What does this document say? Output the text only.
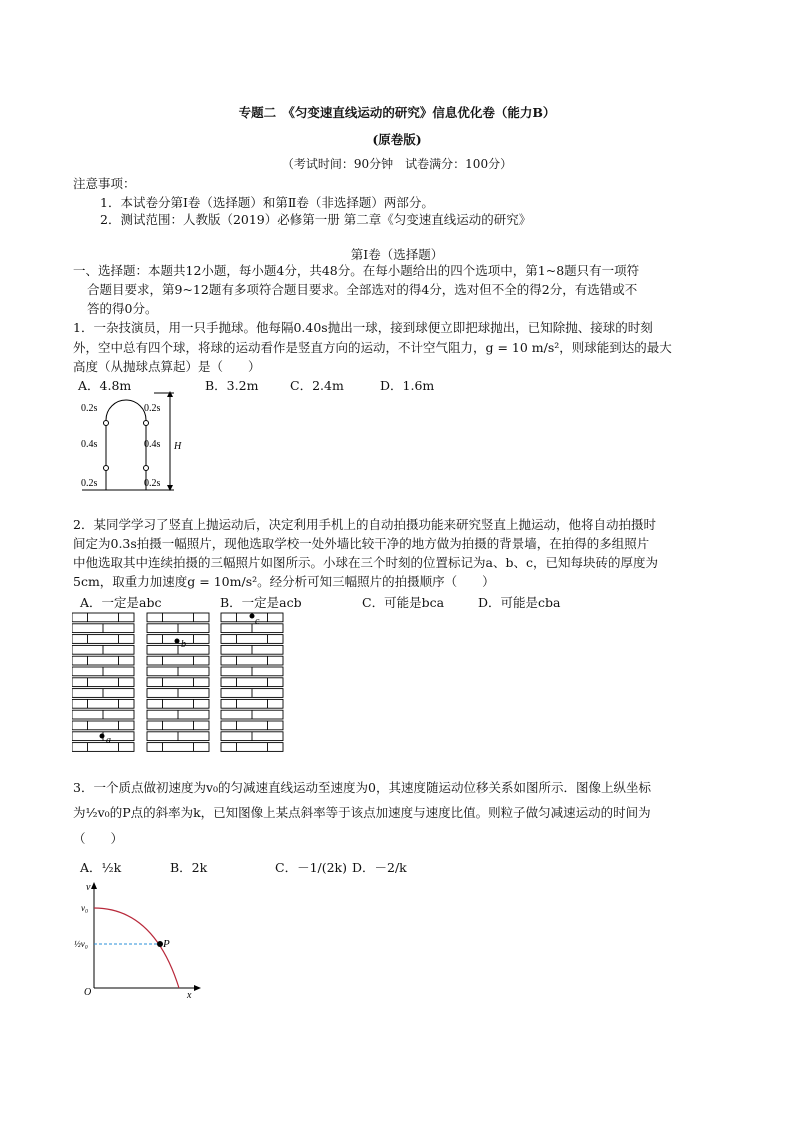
专题二　《匀变速直线运动的研究》信息优化卷（能力B）
(原卷版)
（考试时间：90分钟　试卷满分：100分）
注意事项：
1．本试卷分第Ⅰ卷（选择题）和第Ⅱ卷（非选择题）两部分。
2．测试范围：人教版（2019）必修第一册 第二章《匀变速直线运动的研究》
第Ⅰ卷（选择题）
一、选择题：本题共12小题，每小题4分，共48分。在每小题给出的四个选项中，第1~8题只有一项符
合题目要求，第9~12题有多项符合题目要求。全部选对的得4分，选对但不全的得2分，有选错或不
答的得0分。
1．一杂技演员，用一只手抛球。他每隔0.40s抛出一球，接到球便立即把球抛出，已知除抛、接球的时刻
外，空中总有四个球，将球的运动看作是竖直方向的运动，不计空气阻力，g = 10 m/s²，则球能到达的最大
高度（从抛球点算起）是（　　）
A．4.8m	B．3.2m	C．2.4m	D．1.6m
0.2s
0.4s
0.2s
0.2s
0.4s
0.2s
H
2．某同学学习了竖直上抛运动后，决定利用手机上的自动拍摄功能来研究竖直上抛运动，他将自动拍摄时
间定为0.3s拍摄一幅照片，现他选取学校一处外墙比较干净的地方做为拍摄的背景墙，在拍得的多组照片
中他选取其中连续拍摄的三幅照片如图所示。小球在三个时刻的位置标记为a、b、c，已知每块砖的厚度为
5cm，取重力加速度g = 10m/s²。经分析可知三幅照片的拍摄顺序（　　）
A．一定是abc	B．一定是acb	C．可能是bca	D．可能是cba
a
b
c
3．一个质点做初速度为v₀的匀减速直线运动至速度为0，其速度随运动位移关系如图所示．图像上纵坐标
为½v₀的P点的斜率为k，已知图像上某点斜率等于该点加速度与速度比值。则粒子做匀减速运动的时间为
（　　）
A．½k	B．2k	C．－1/(2k) D．－2/k
P
v
x
O
v₀
½v₀
